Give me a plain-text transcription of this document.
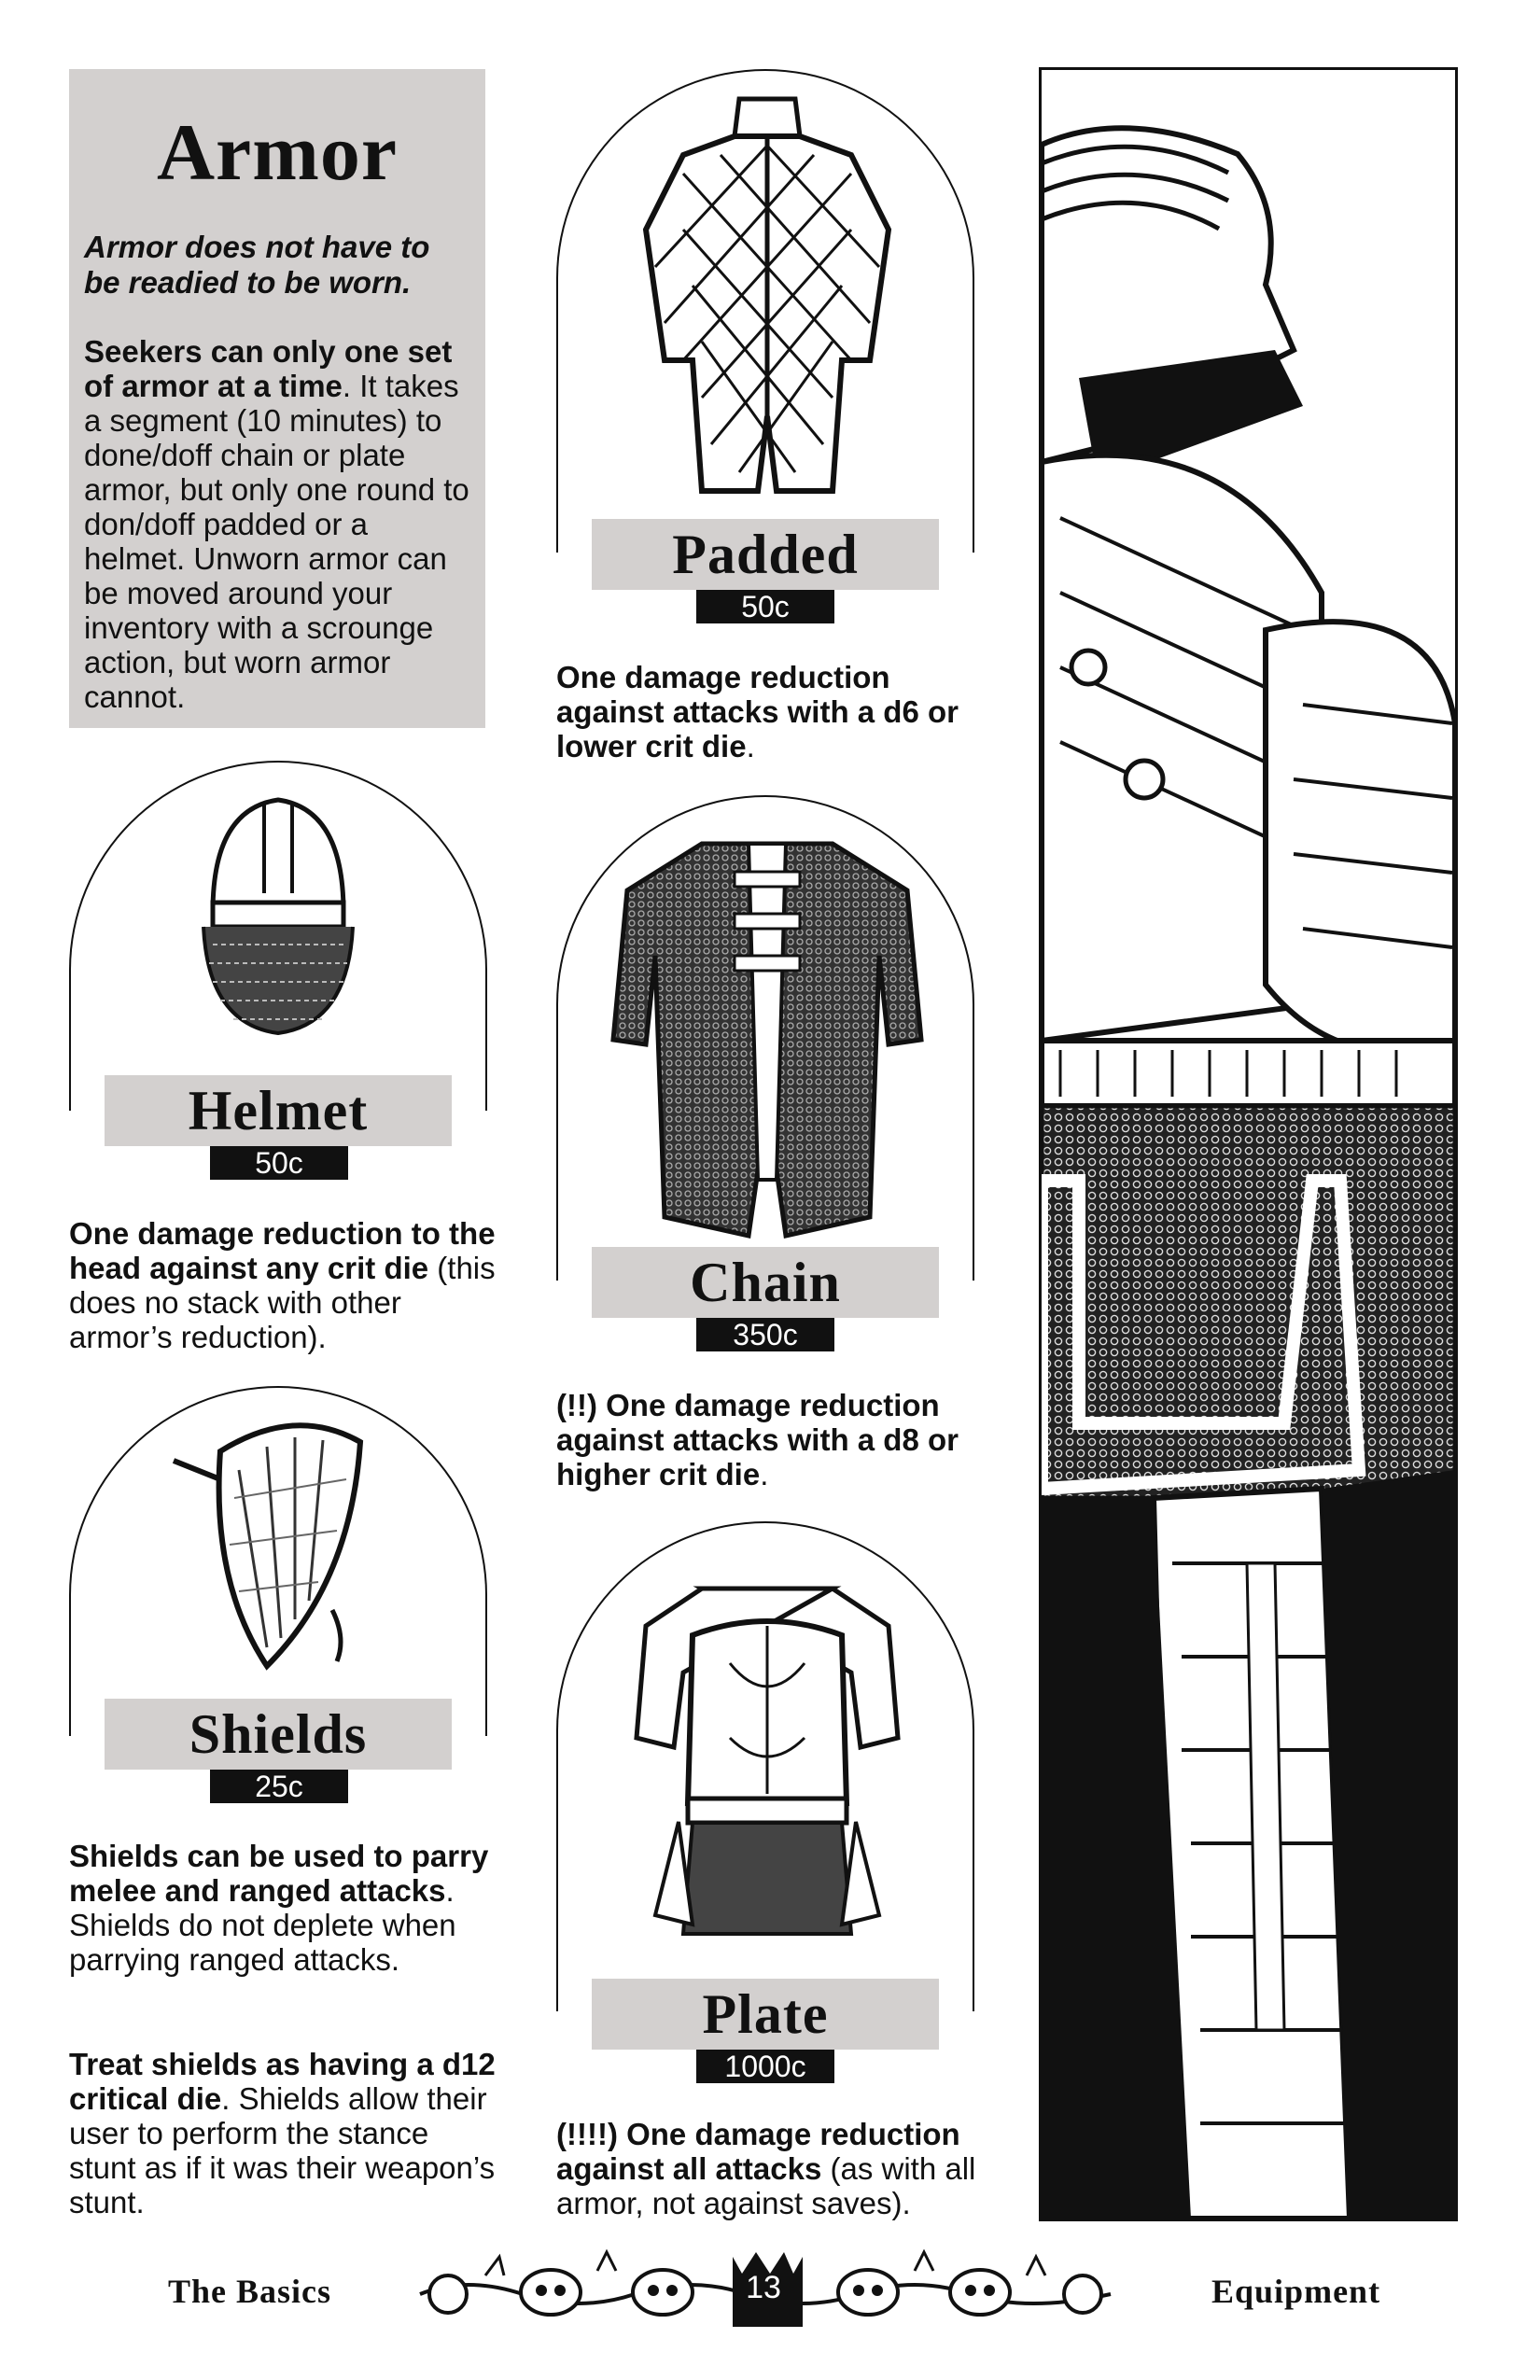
Armor

Armor does not have to be readied to be worn.

Seekers can only one set of armor at a time. It takes a segment (10 minutes) to done/doff chain or plate armor, but only one round to don/doff padded or a helmet. Unworn armor can be moved around your inventory with a scrounge action, but worn armor cannot.

Helmet
50c

One damage reduction to the head against any crit die (this does no stack with other armor’s reduction).

Shields
25c

Shields can be used to parry melee and ranged attacks. Shields do not deplete when parrying ranged attacks.

Treat shields as having a d12 critical die. Shields allow their user to perform the stance stunt as if it was their weapon’s stunt.

Padded
50c

One damage reduction against attacks with a d6 or lower crit die.

Chain
350c

(!!) One damage reduction against attacks with a d8 or higher crit die.

Plate
1000c

(!!!!) One damage reduction against all attacks (as with all armor, not against saves).

The Basics	13	Equipment
